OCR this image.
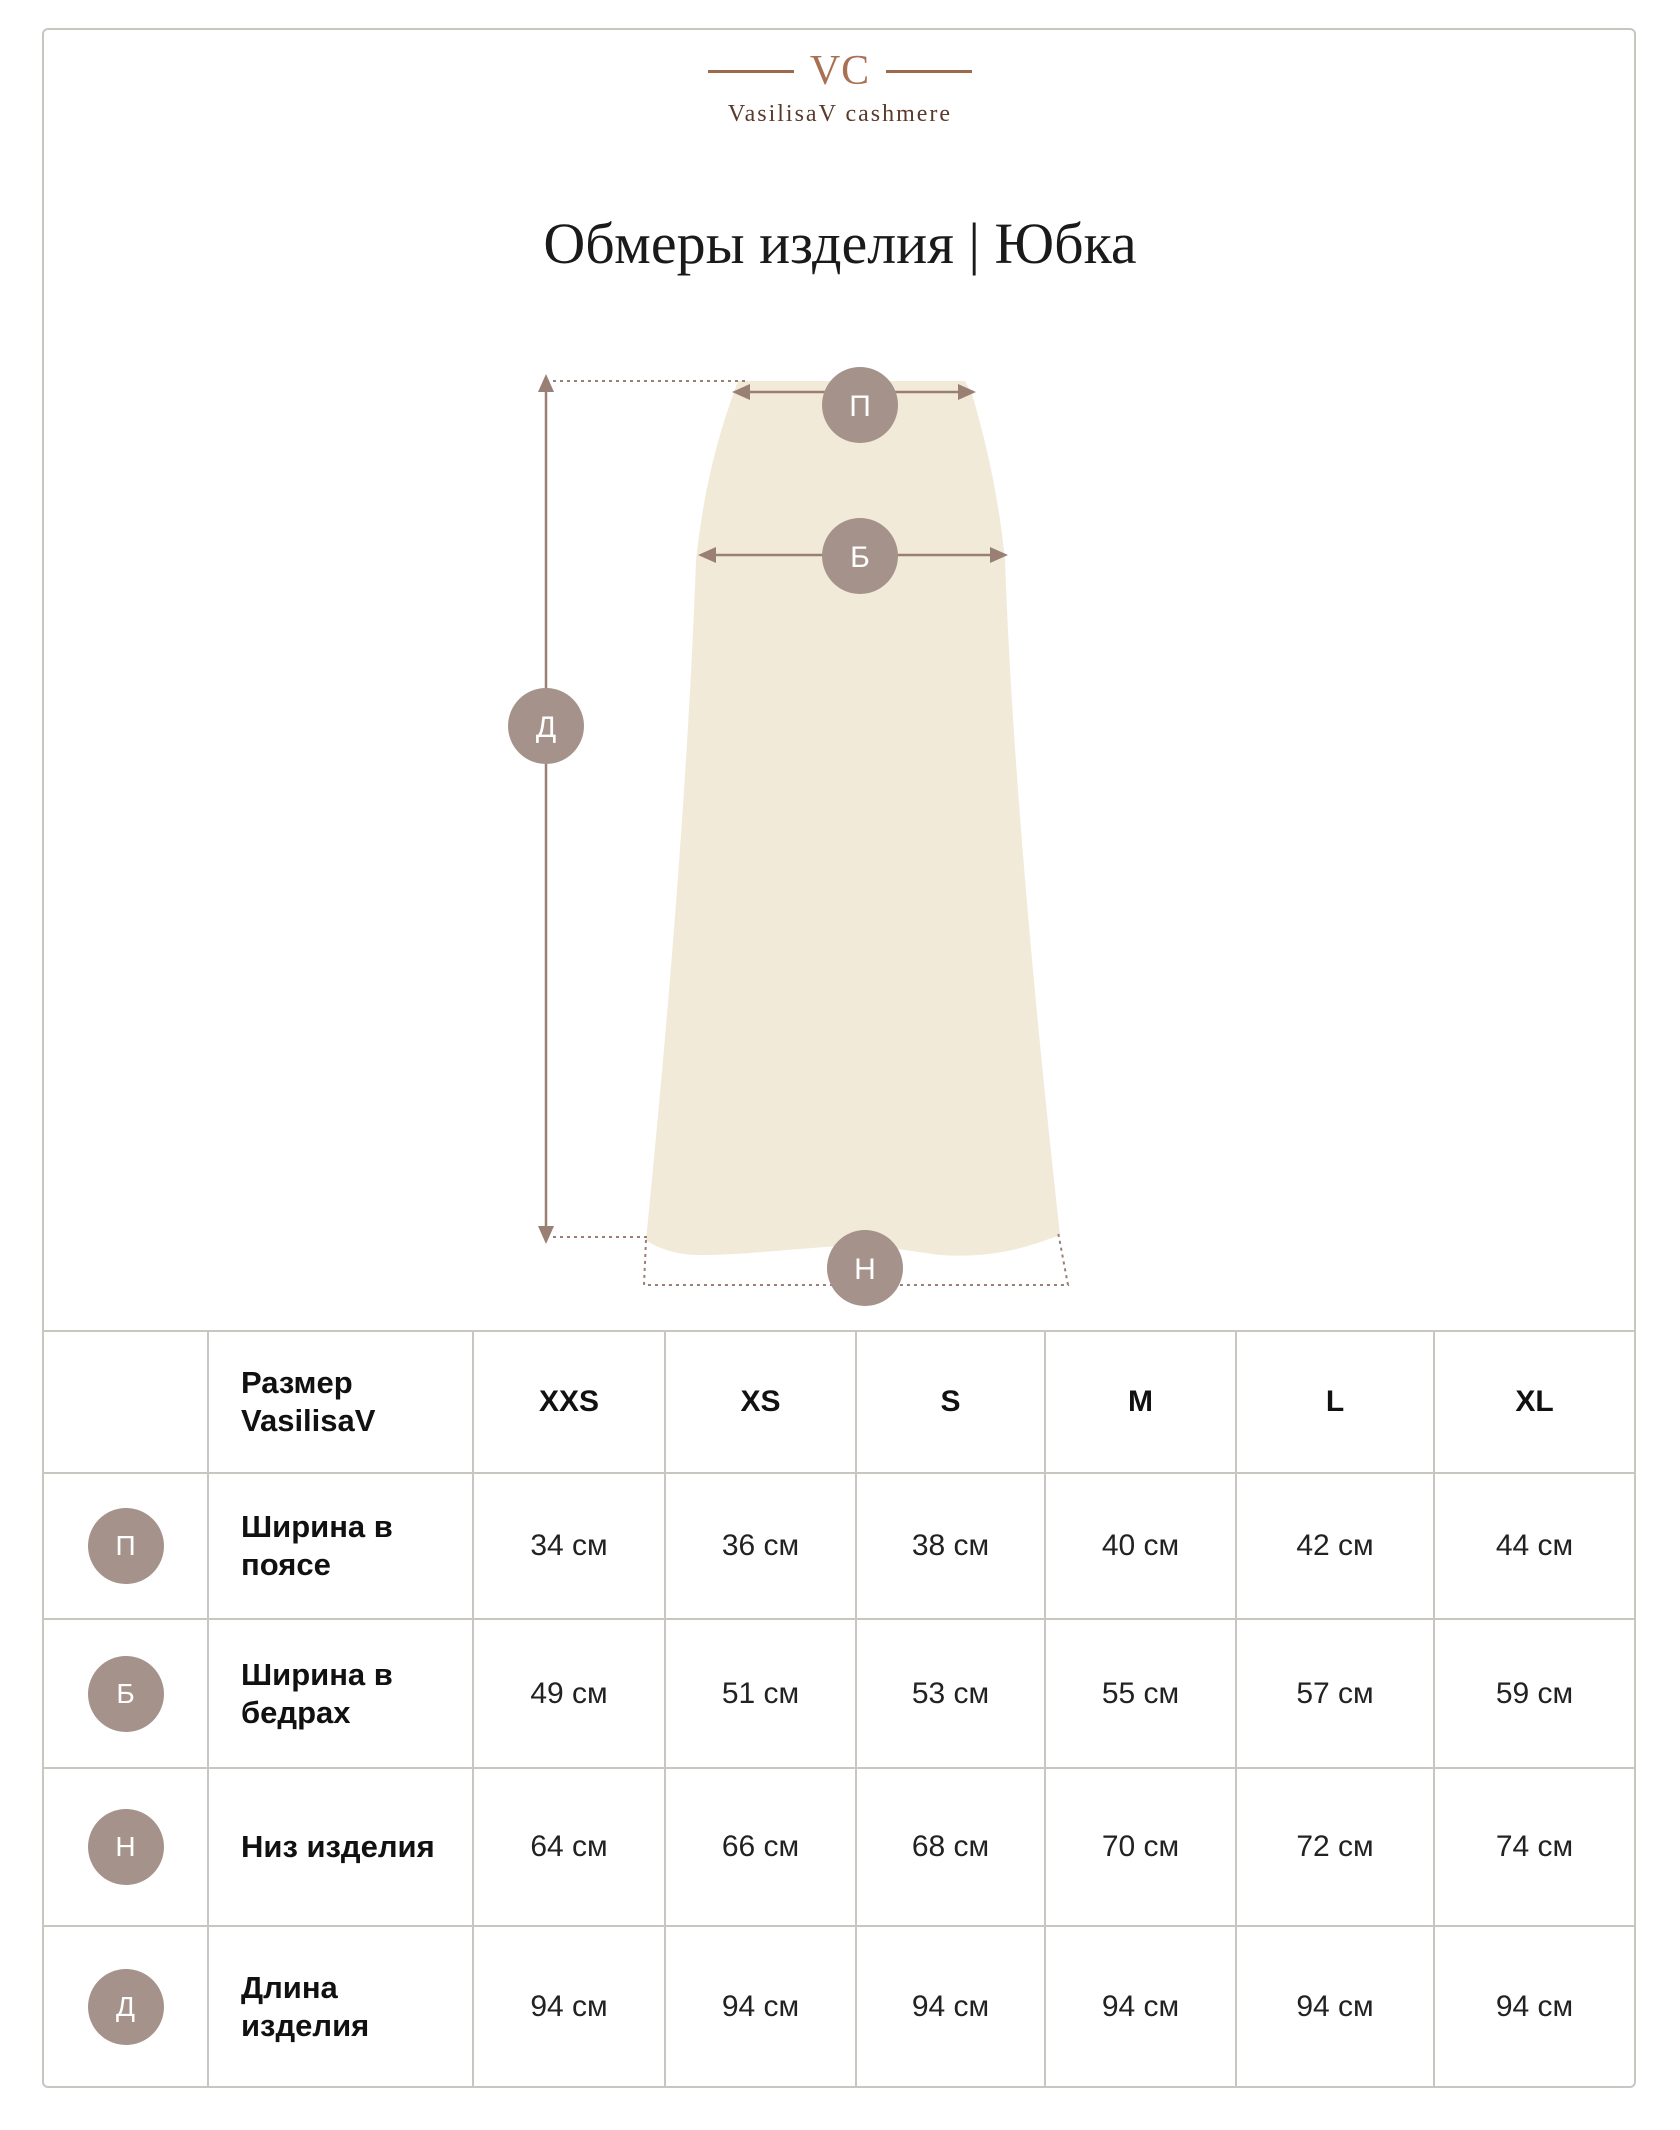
VC
VasilisaV cashmere
Обмеры изделия | Юбка
П
Б
Д
Н
	Размер VasilisaV	XXS	XS	S	M	L	XL
П	Ширина в поясе	34 см	36 см	38 см	40 см	42 см	44 см
Б	Ширина в бедрах	49 см	51 см	53 см	55 см	57 см	59 см
Н	Низ изделия	64 см	66 см	68 см	70 см	72 см	74 см
Д	Длина изделия	94 см	94 см	94 см	94 см	94 см	94 см
